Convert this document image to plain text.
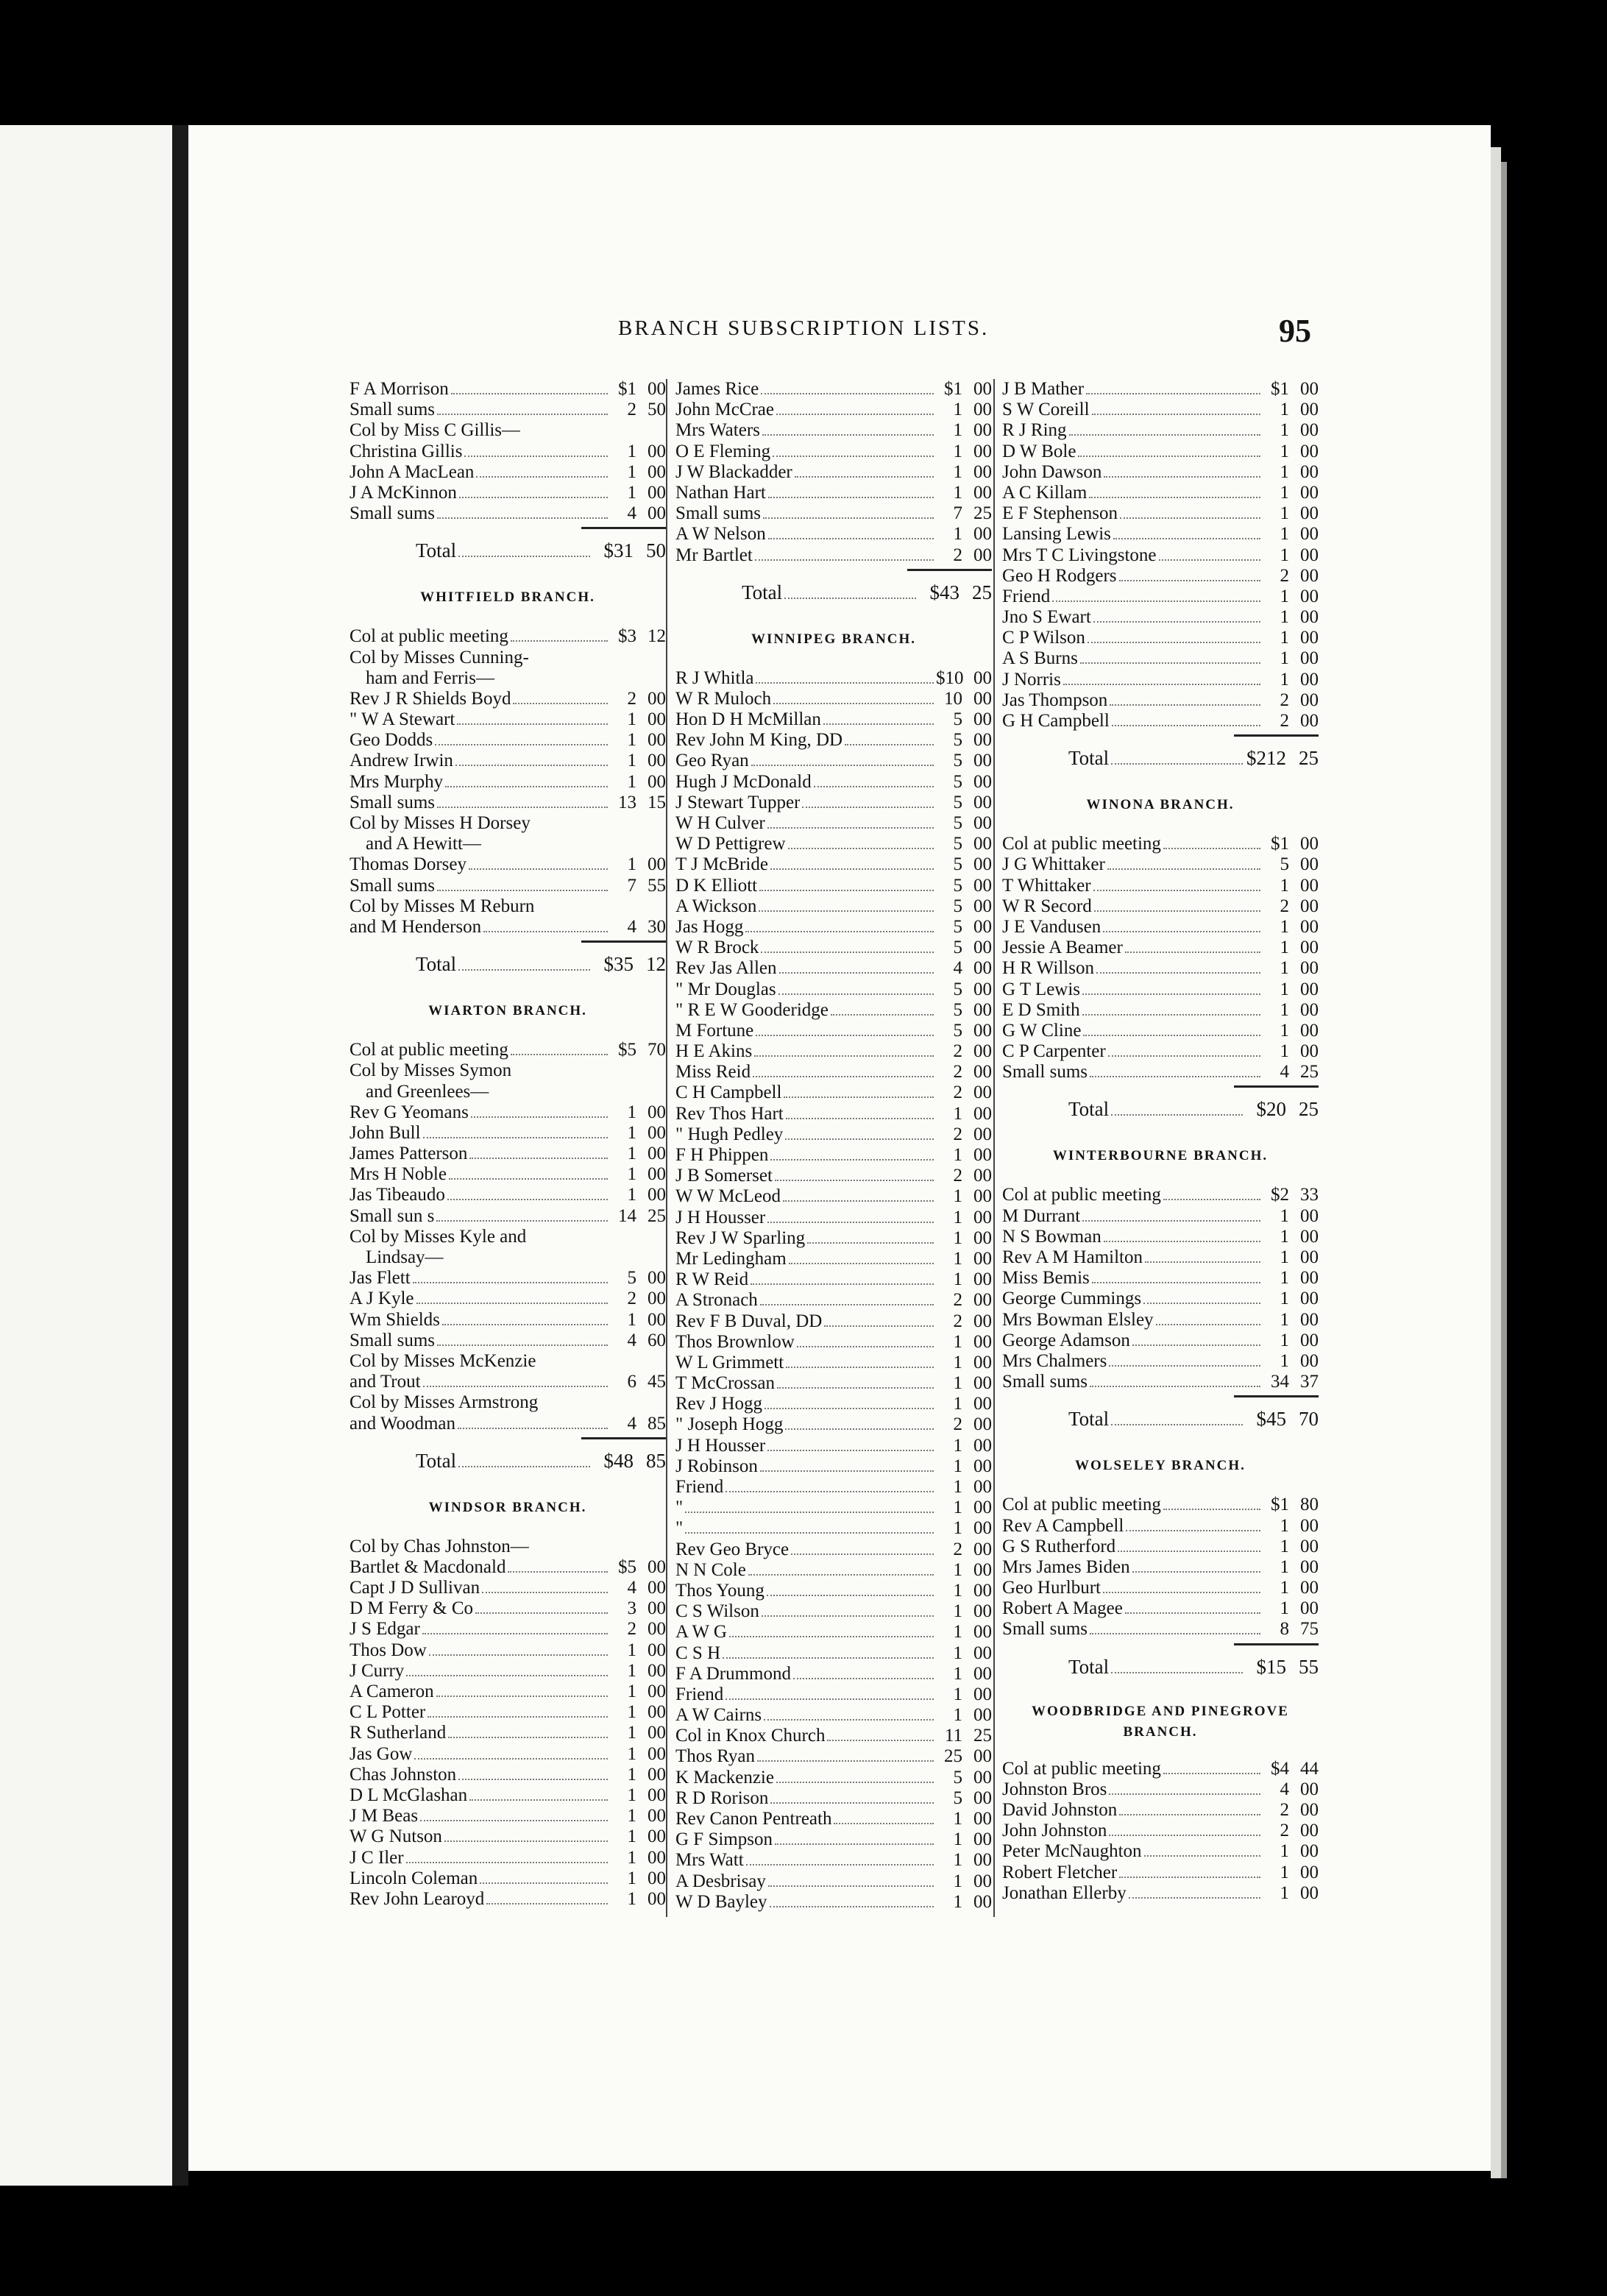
BRANCH SUBSCRIPTION LISTS.	95
F A Morrison	$1 00
Small sums	2 50
Col by Miss C Gillis—
Christina Gillis	1 00
John A MacLean	1 00
J A McKinnon	1 00
Small sums	4 00
Total	$31 50
WHITFIELD BRANCH.
Col at public meeting	$3 12
Col by Misses Cunning-
ham and Ferris—
Rev J R Shields Boyd	2 00
" W A Stewart	1 00
Geo Dodds	1 00
Andrew Irwin	1 00
Mrs Murphy	1 00
Small sums	13 15
Col by Misses H Dorsey
and A Hewitt—
Thomas Dorsey	1 00
Small sums	7 55
Col by Misses M Reburn
and M Henderson	4 30
Total	$35 12
WIARTON BRANCH.
Col at public meeting	$5 70
Col by Misses Symon
and Greenlees—
Rev G Yeomans	1 00
John Bull	1 00
James Patterson	1 00
Mrs H Noble	1 00
Jas Tibeaudo	1 00
Small sun s	14 25
Col by Misses Kyle and
Lindsay—
Jas Flett	5 00
A J Kyle	2 00
Wm Shields	1 00
Small sums	4 60
Col by Misses McKenzie
and Trout	6 45
Col by Misses Armstrong
and Woodman	4 85
Total	$48 85
WINDSOR BRANCH.
Col by Chas Johnston—
Bartlet & Macdonald	$5 00
Capt J D Sullivan	4 00
D M Ferry & Co	3 00
J S Edgar	2 00
Thos Dow	1 00
J Curry	1 00
A Cameron	1 00
C L Potter	1 00
R Sutherland	1 00
Jas Gow	1 00
Chas Johnston	1 00
D L McGlashan	1 00
J M Beas	1 00
W G Nutson	1 00
J C Iler	1 00
Lincoln Coleman	1 00
Rev John Learoyd	1 00
James Rice	$1 00
John McCrae	1 00
Mrs Waters	1 00
O E Fleming	1 00
J W Blackadder	1 00
Nathan Hart	1 00
Small sums	7 25
A W Nelson	1 00
Mr Bartlet	2 00
Total	$43 25
WINNIPEG BRANCH.
R J Whitla	$10 00
W R Muloch	10 00
Hon D H McMillan	5 00
Rev John M King, DD	5 00
Geo Ryan	5 00
Hugh J McDonald	5 00
J Stewart Tupper	5 00
W H Culver	5 00
W D Pettigrew	5 00
T J McBride	5 00
D K Elliott	5 00
A Wickson	5 00
Jas Hogg	5 00
W R Brock	5 00
Rev Jas Allen	4 00
" Mr Douglas	5 00
" R E W Gooderidge	5 00
M Fortune	5 00
H E Akins	2 00
Miss Reid	2 00
C H Campbell	2 00
Rev Thos Hart	1 00
" Hugh Pedley	2 00
F H Phippen	1 00
J B Somerset	2 00
W W McLeod	1 00
J H Housser	1 00
Rev J W Sparling	1 00
Mr Ledingham	1 00
R W Reid	1 00
A Stronach	2 00
Rev F B Duval, DD	2 00
Thos Brownlow	1 00
W L Grimmett	1 00
T McCrossan	1 00
Rev J Hogg	1 00
" Joseph Hogg	2 00
J H Housser	1 00
J Robinson	1 00
Friend	1 00
"	1 00
"	1 00
Rev Geo Bryce	2 00
N N Cole	1 00
Thos Young	1 00
C S Wilson	1 00
A W G	1 00
C S H	1 00
F A Drummond	1 00
Friend	1 00
A W Cairns	1 00
Col in Knox Church	11 25
Thos Ryan	25 00
K Mackenzie	5 00
R D Rorison	5 00
Rev Canon Pentreath	1 00
G F Simpson	1 00
Mrs Watt	1 00
A Desbrisay	1 00
W D Bayley	1 00
J B Mather	$1 00
S W Coreill	1 00
R J Ring	1 00
D W Bole	1 00
John Dawson	1 00
A C Killam	1 00
E F Stephenson	1 00
Lansing Lewis	1 00
Mrs T C Livingstone	1 00
Geo H Rodgers	2 00
Friend	1 00
Jno S Ewart	1 00
C P Wilson	1 00
A S Burns	1 00
J Norris	1 00
Jas Thompson	2 00
G H Campbell	2 00
Total	$212 25
WINONA BRANCH.
Col at public meeting	$1 00
J G Whittaker	5 00
T Whittaker	1 00
W R Secord	2 00
J E Vandusen	1 00
Jessie A Beamer	1 00
H R Willson	1 00
G T Lewis	1 00
E D Smith	1 00
G W Cline	1 00
C P Carpenter	1 00
Small sums	4 25
Total	$20 25
WINTERBOURNE BRANCH.
Col at public meeting	$2 33
M Durrant	1 00
N S Bowman	1 00
Rev A M Hamilton	1 00
Miss Bemis	1 00
George Cummings	1 00
Mrs Bowman Elsley	1 00
George Adamson	1 00
Mrs Chalmers	1 00
Small sums	34 37
Total	$45 70
WOLSELEY BRANCH.
Col at public meeting	$1 80
Rev A Campbell	1 00
G S Rutherford	1 00
Mrs James Biden	1 00
Geo Hurlburt	1 00
Robert A Magee	1 00
Small sums	8 75
Total	$15 55
WOODBRIDGE AND PINEGROVE
BRANCH.
Col at public meeting	$4 44
Johnston Bros	4 00
David Johnston	2 00
John Johnston	2 00
Peter McNaughton	1 00
Robert Fletcher	1 00
Jonathan Ellerby	1 00
